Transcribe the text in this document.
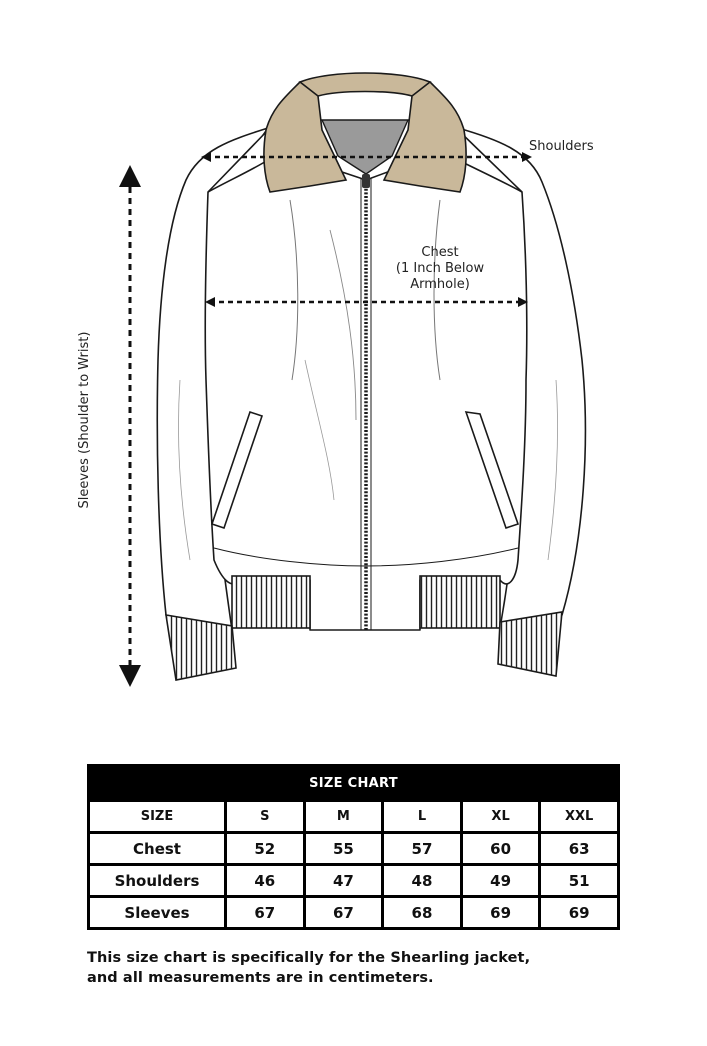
Shoulders
Chest
(1 Inch Below
Armhole)
Sleeves (Shoulder to Wrist)
SIZE CHART					
SIZE	S	M	L	XL	XXL
Chest	52	55	57	60	63
Shoulders	46	47	48	49	51
Sleeves	67	67	68	69	69
This size chart is specifically for the Shearling jacket,
and all measurements are in centimeters.
